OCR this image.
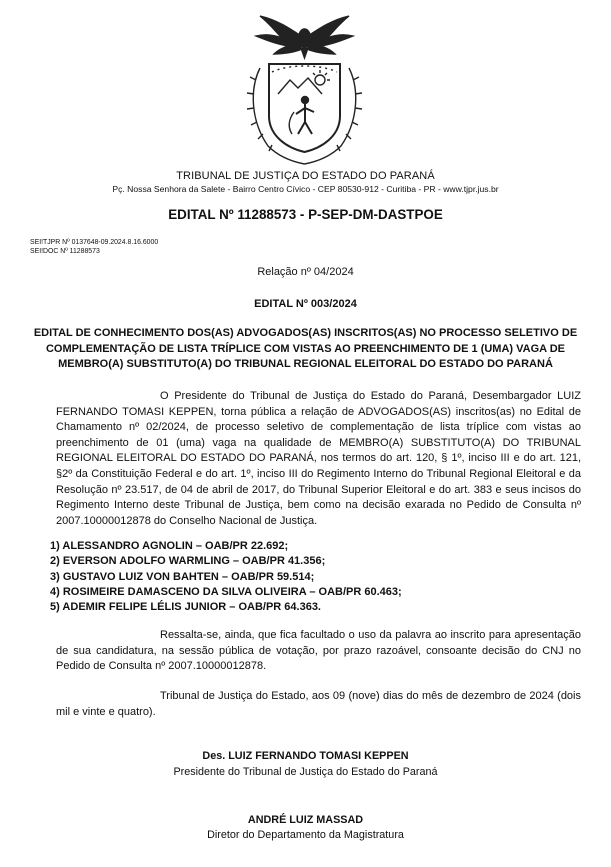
TRIBUNAL DE JUSTIÇA DO ESTADO DO PARANÁ
Pç. Nossa Senhora da Salete - Bairro Centro Cívico - CEP 80530-912 - Curitiba - PR - www.tjpr.jus.br
EDITAL Nº 11288573 - P-SEP-DM-DASTPOE
SEI!TJPR Nº 0137648-09.2024.8.16.6000
SEI!DOC Nº 11288573
Relação nº 04/2024
EDITAL Nº 003/2024
EDITAL DE CONHECIMENTO DOS(AS) ADVOGADOS(AS) INSCRITOS(AS) NO PROCESSO SELETIVO DE COMPLEMENTAÇÃO DE LISTA TRÍPLICE COM VISTAS AO PREENCHIMENTO DE 1 (UMA) VAGA DE MEMBRO(A) SUBSTITUTO(A) DO TRIBUNAL REGIONAL ELEITORAL DO ESTADO DO PARANÁ
O Presidente do Tribunal de Justiça do Estado do Paraná, Desembargador LUIZ FERNANDO TOMASI KEPPEN, torna pública a relação de ADVOGADOS(AS) inscritos(as) no Edital de Chamamento nº 02/2024, de processo seletivo de complementação de lista tríplice com vistas ao preenchimento de 01 (uma) vaga na qualidade de MEMBRO(A) SUBSTITUTO(A) DO TRIBUNAL REGIONAL ELEITORAL DO ESTADO DO PARANÁ, nos termos do art. 120, § 1º, inciso III e do art. 121, §2º da Constituição Federal e do art. 1º, inciso III do Regimento Interno do Tribunal Regional Eleitoral e da Resolução nº 23.517, de 04 de abril de 2017, do Tribunal Superior Eleitoral e do art. 383 e seus incisos do Regimento Interno deste Tribunal de Justiça, bem como na decisão exarada no Pedido de Consulta nº 2007.10000012878 do Conselho Nacional de Justiça.
1) ALESSANDRO AGNOLIN – OAB/PR 22.692;
2) EVERSON ADOLFO WARMLING – OAB/PR 41.356;
3) GUSTAVO LUIZ VON BAHTEN – OAB/PR 59.514;
4) ROSIMEIRE DAMASCENO DA SILVA OLIVEIRA – OAB/PR 60.463;
5) ADEMIR FELIPE LÉLIS JUNIOR – OAB/PR 64.363.
Ressalta-se, ainda, que fica facultado o uso da palavra ao inscrito para apresentação de sua candidatura, na sessão pública de votação, por prazo razoável, consoante decisão do CNJ no Pedido de Consulta nº 2007.10000012878.
Tribunal de Justiça do Estado, aos 09 (nove) dias do mês de dezembro de 2024 (dois mil e vinte e quatro).
Des. LUIZ FERNANDO TOMASI KEPPEN
Presidente do Tribunal de Justiça do Estado do Paraná
ANDRÉ LUIZ MASSAD
Diretor do Departamento da Magistratura
